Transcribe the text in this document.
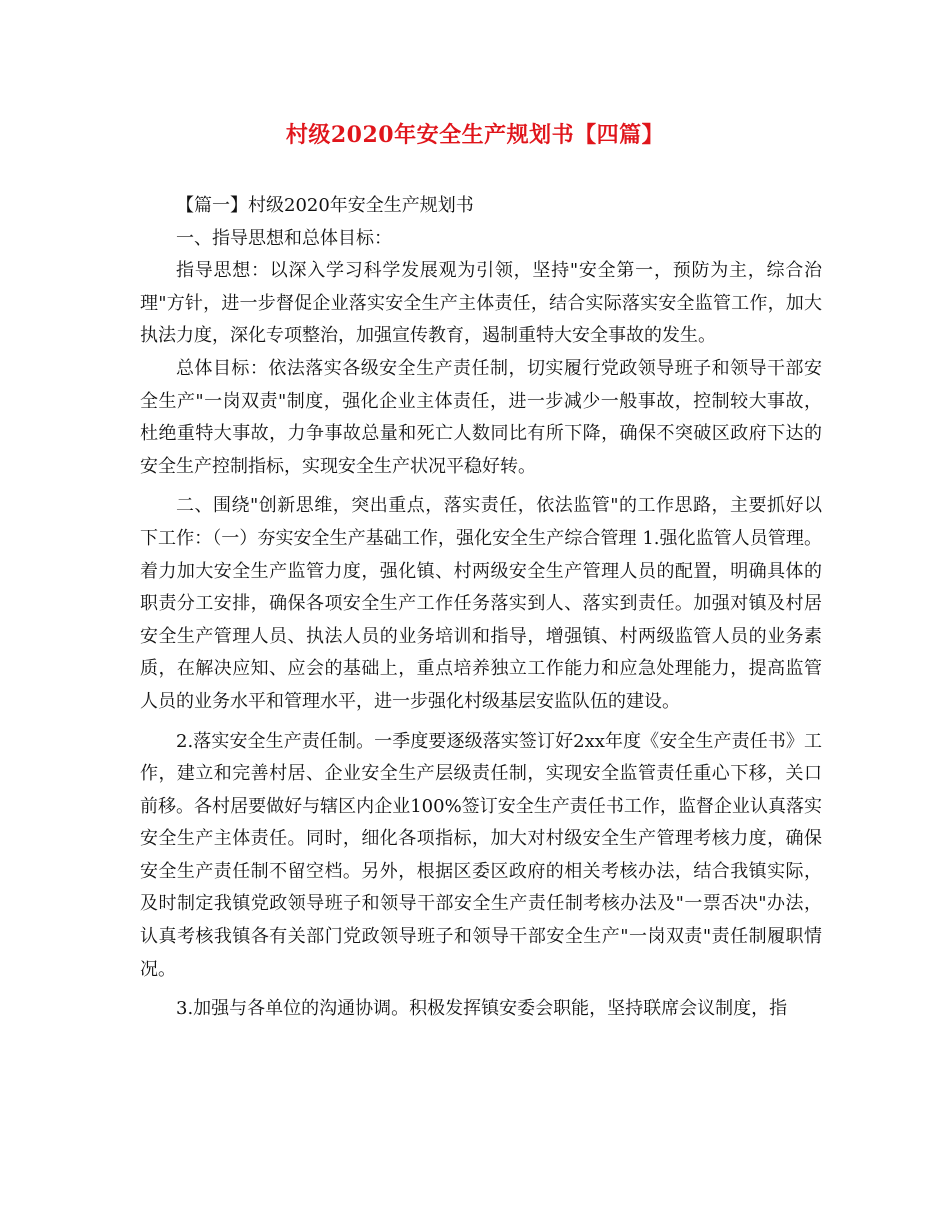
村级2020年安全生产规划书【四篇】

【篇一】村级2020年安全生产规划书

一、指导思想和总体目标：

指导思想：以深入学习科学发展观为引领，坚持"安全第一，预防为主，综合治理"方针，进一步督促企业落实安全生产主体责任，结合实际落实安全监管工作，加大执法力度，深化专项整治，加强宣传教育，遏制重特大安全事故的发生。

总体目标：依法落实各级安全生产责任制，切实履行党政领导班子和领导干部安全生产"一岗双责"制度，强化企业主体责任，进一步减少一般事故，控制较大事故，杜绝重特大事故，力争事故总量和死亡人数同比有所下降，确保不突破区政府下达的安全生产控制指标，实现安全生产状况平稳好转。

二、围绕"创新思维，突出重点，落实责任，依法监管"的工作思路，主要抓好以下工作：（一）夯实安全生产基础工作，强化安全生产综合管理 1.强化监管人员管理。着力加大安全生产监管力度，强化镇、村两级安全生产管理人员的配置，明确具体的职责分工安排，确保各项安全生产工作任务落实到人、落实到责任。加强对镇及村居安全生产管理人员、执法人员的业务培训和指导，增强镇、村两级监管人员的业务素质，在解决应知、应会的基础上，重点培养独立工作能力和应急处理能力，提高监管人员的业务水平和管理水平，进一步强化村级基层安监队伍的建设。

2.落实安全生产责任制。一季度要逐级落实签订好2xx年度《安全生产责任书》工作，建立和完善村居、企业安全生产层级责任制，实现安全监管责任重心下移，关口前移。各村居要做好与辖区内企业100%签订安全生产责任书工作，监督企业认真落实安全生产主体责任。同时，细化各项指标，加大对村级安全生产管理考核力度，确保安全生产责任制不留空档。另外，根据区委区政府的相关考核办法，结合我镇实际，及时制定我镇党政领导班子和领导干部安全生产责任制考核办法及"一票否决"办法，认真考核我镇各有关部门党政领导班子和领导干部安全生产"一岗双责"责任制履职情况。

3.加强与各单位的沟通协调。积极发挥镇安委会职能，坚持联席会议制度，指
